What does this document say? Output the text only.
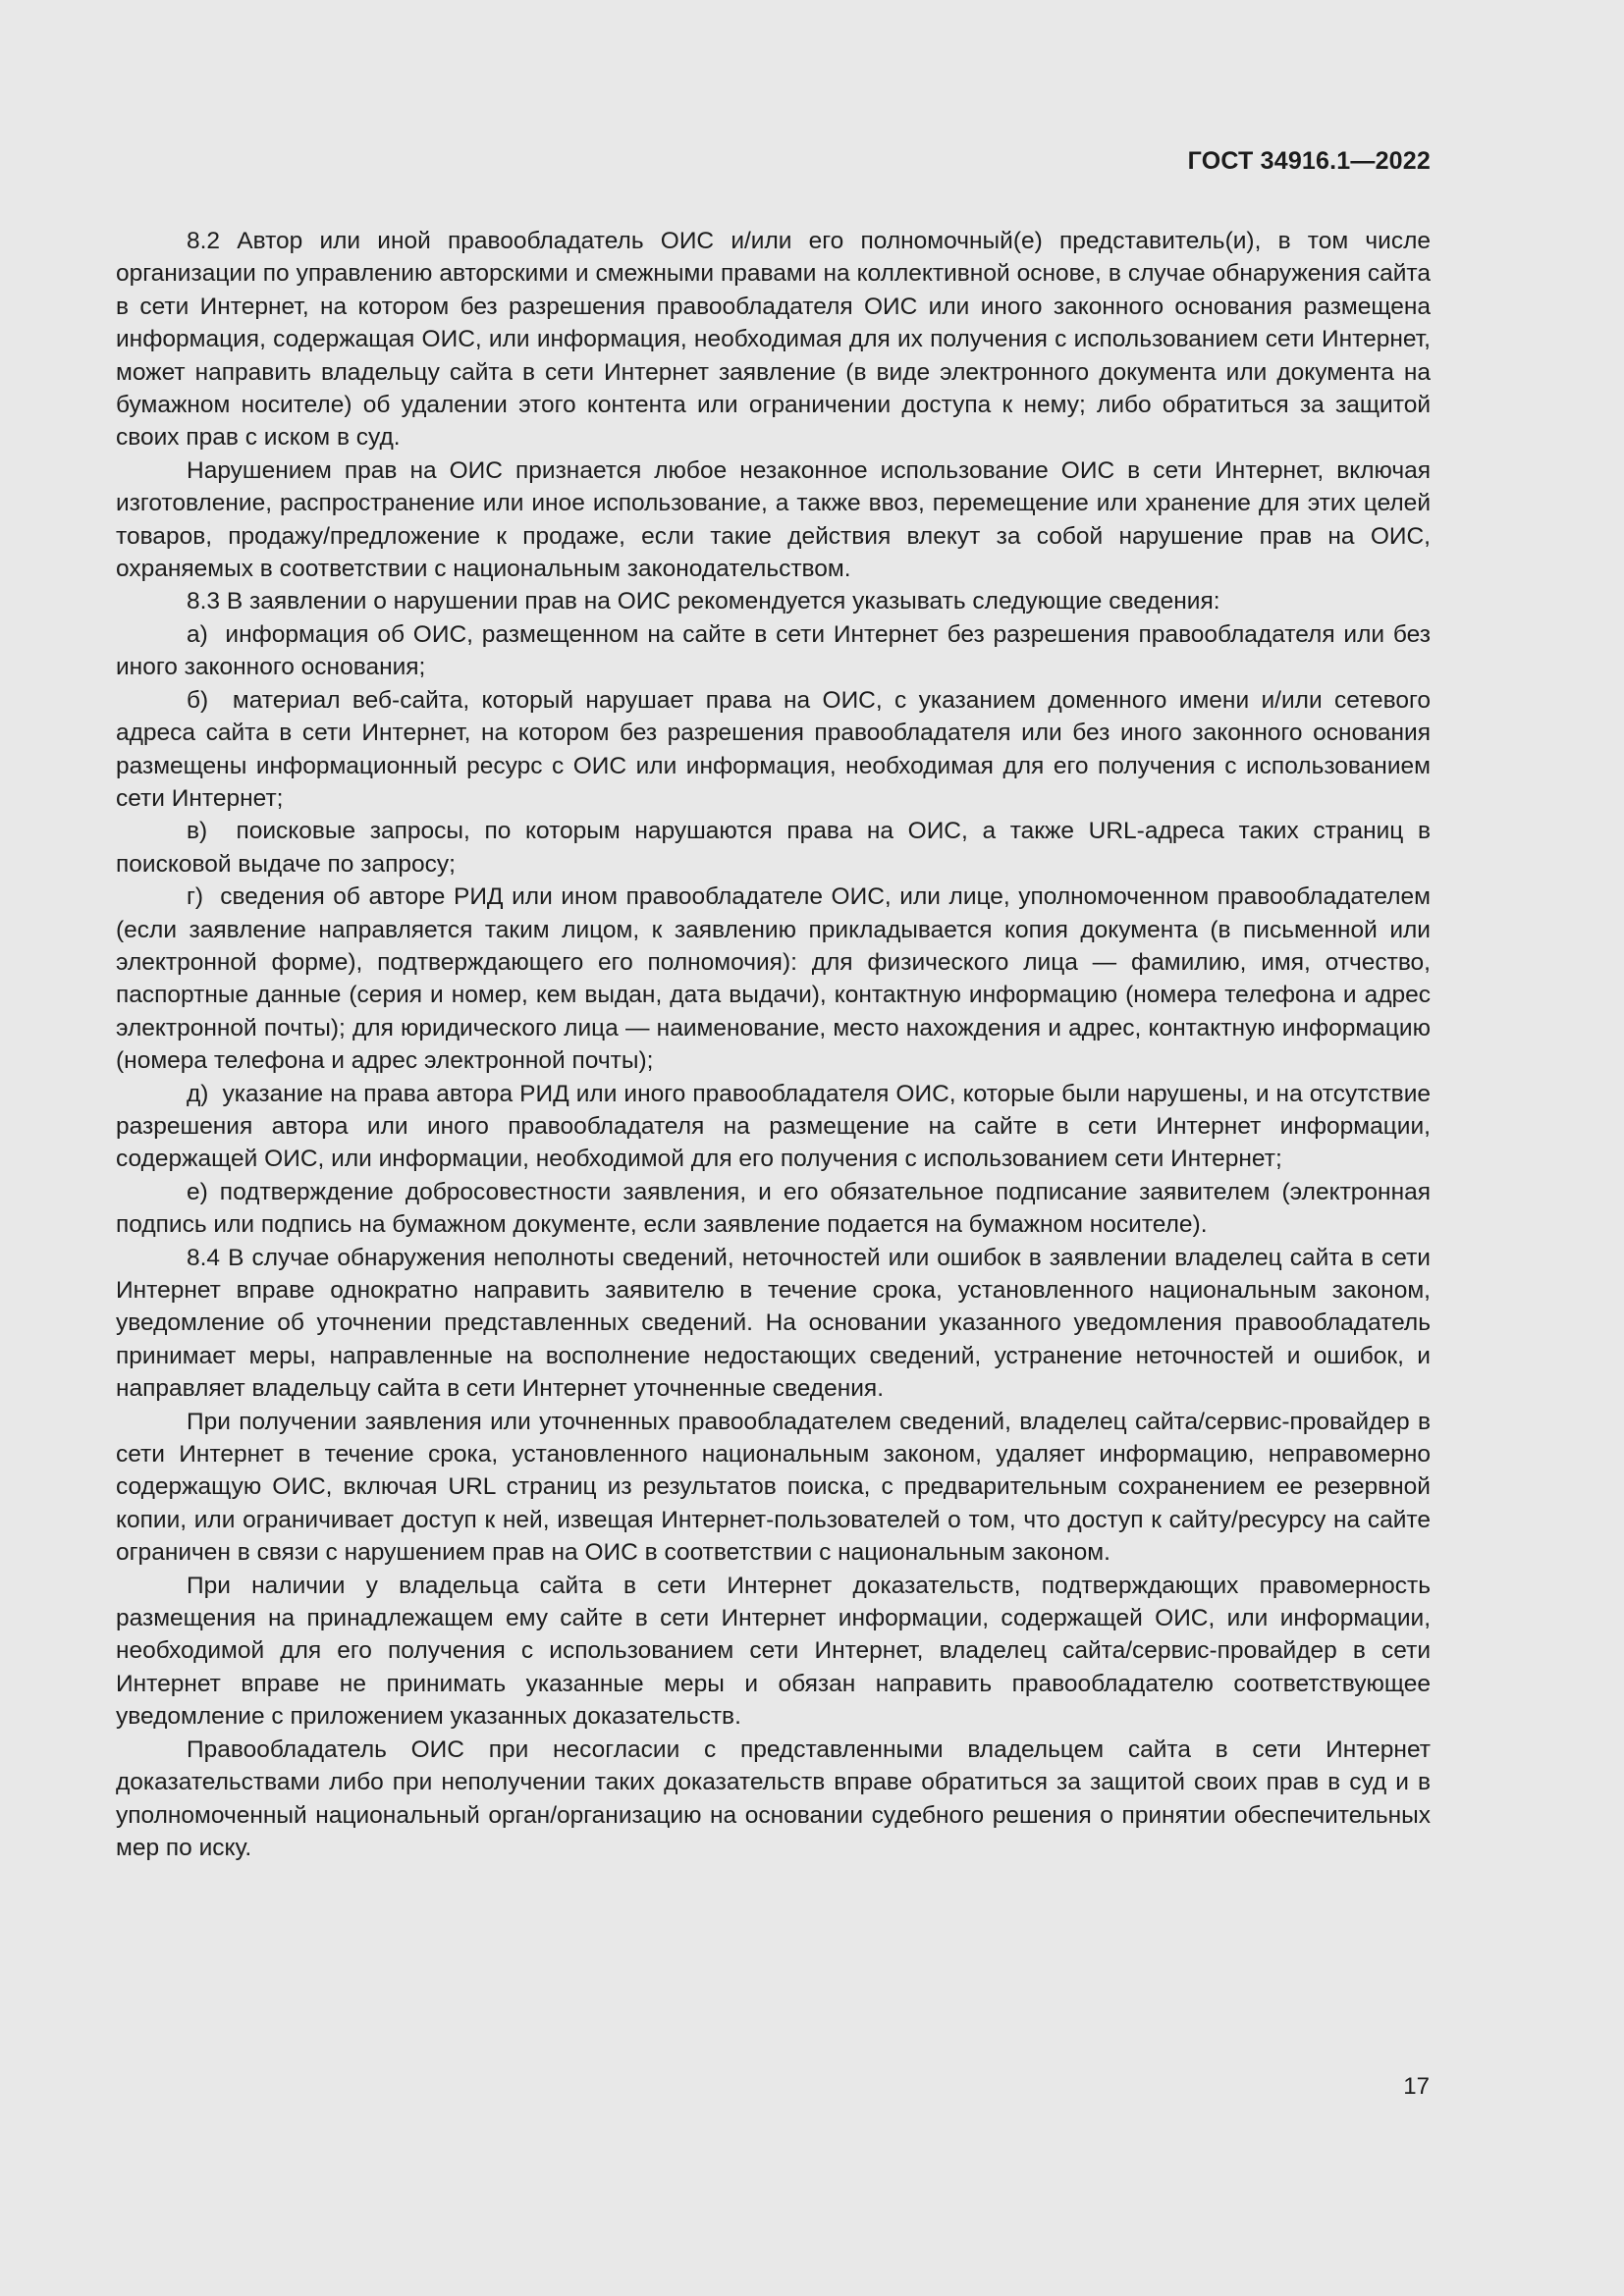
ГОСТ 34916.1—2022

8.2 Автор или иной правообладатель ОИС и/или его полномочный(е) представитель(и), в том числе организации по управлению авторскими и смежными правами на коллективной основе, в случае обнаружения сайта в сети Интернет, на котором без разрешения правообладателя ОИС или иного законного основания размещена информация, содержащая ОИС, или информация, необходимая для их получения с использованием сети Интернет, может направить владельцу сайта в сети Интернет заявление (в виде электронного документа или документа на бумажном носителе) об удалении этого контента или ограничении доступа к нему; либо обратиться за защитой своих прав с иском в суд.

Нарушением прав на ОИС признается любое незаконное использование ОИС в сети Интернет, включая изготовление, распространение или иное использование, а также ввоз, перемещение или хранение для этих целей товаров, продажу/предложение к продаже, если такие действия влекут за собой нарушение прав на ОИС, охраняемых в соответствии с национальным законодательством.

8.3 В заявлении о нарушении прав на ОИС рекомендуется указывать следующие сведения:

а)  информация об ОИС, размещенном на сайте в сети Интернет без разрешения правообладателя или без иного законного основания;

б)  материал веб-сайта, который нарушает права на ОИС, с указанием доменного имени и/или сетевого адреса сайта в сети Интернет, на котором без разрешения правообладателя или без иного законного основания размещены информационный ресурс с ОИС или информация, необходимая для его получения с использованием сети Интернет;

в)  поисковые запросы, по которым нарушаются права на ОИС, а также URL-адреса таких страниц в поисковой выдаче по запросу;

г)  сведения об авторе РИД или ином правообладателе ОИС, или лице, уполномоченном правообладателем (если заявление направляется таким лицом, к заявлению прикладывается копия документа (в письменной или электронной форме), подтверждающего его полномочия): для физического лица — фамилию, имя, отчество, паспортные данные (серия и номер, кем выдан, дата выдачи), контактную информацию (номера телефона и адрес электронной почты); для юридического лица — наименование, место нахождения и адрес, контактную информацию (номера телефона и адрес электронной почты);

д)  указание на права автора РИД или иного правообладателя ОИС, которые были нарушены, и на отсутствие разрешения автора или иного правообладателя на размещение на сайте в сети Интернет информации, содержащей ОИС, или информации, необходимой для его получения с использованием сети Интернет;

е) подтверждение добросовестности заявления, и его обязательное подписание заявителем (электронная подпись или подпись на бумажном документе, если заявление подается на бумажном носителе).

8.4 В случае обнаружения неполноты сведений, неточностей или ошибок в заявлении владелец сайта в сети Интернет вправе однократно направить заявителю в течение срока, установленного национальным законом, уведомление об уточнении представленных сведений. На основании указанного уведомления правообладатель принимает меры, направленные на восполнение недостающих сведений, устранение неточностей и ошибок, и направляет владельцу сайта в сети Интернет уточненные сведения.

При получении заявления или уточненных правообладателем сведений, владелец сайта/сервис-провайдер в сети Интернет в течение срока, установленного национальным законом, удаляет информацию, неправомерно содержащую ОИС, включая URL страниц из результатов поиска, с предварительным сохранением ее резервной копии, или ограничивает доступ к ней, извещая Интернет-пользователей о том, что доступ к сайту/ресурсу на сайте ограничен в связи с нарушением прав на ОИС в соответствии с национальным законом.

При наличии у владельца сайта в сети Интернет доказательств, подтверждающих правомерность размещения на принадлежащем ему сайте в сети Интернет информации, содержащей ОИС, или информации, необходимой для его получения с использованием сети Интернет, владелец сайта/сервис-провайдер в сети Интернет вправе не принимать указанные меры и обязан направить правообладателю соответствующее уведомление с приложением указанных доказательств.

Правообладатель ОИС при несогласии с представленными владельцем сайта в сети Интернет доказательствами либо при неполучении таких доказательств вправе обратиться за защитой своих прав в суд и в уполномоченный национальный орган/организацию на основании судебного решения о принятии обеспечительных мер по иску.

17
